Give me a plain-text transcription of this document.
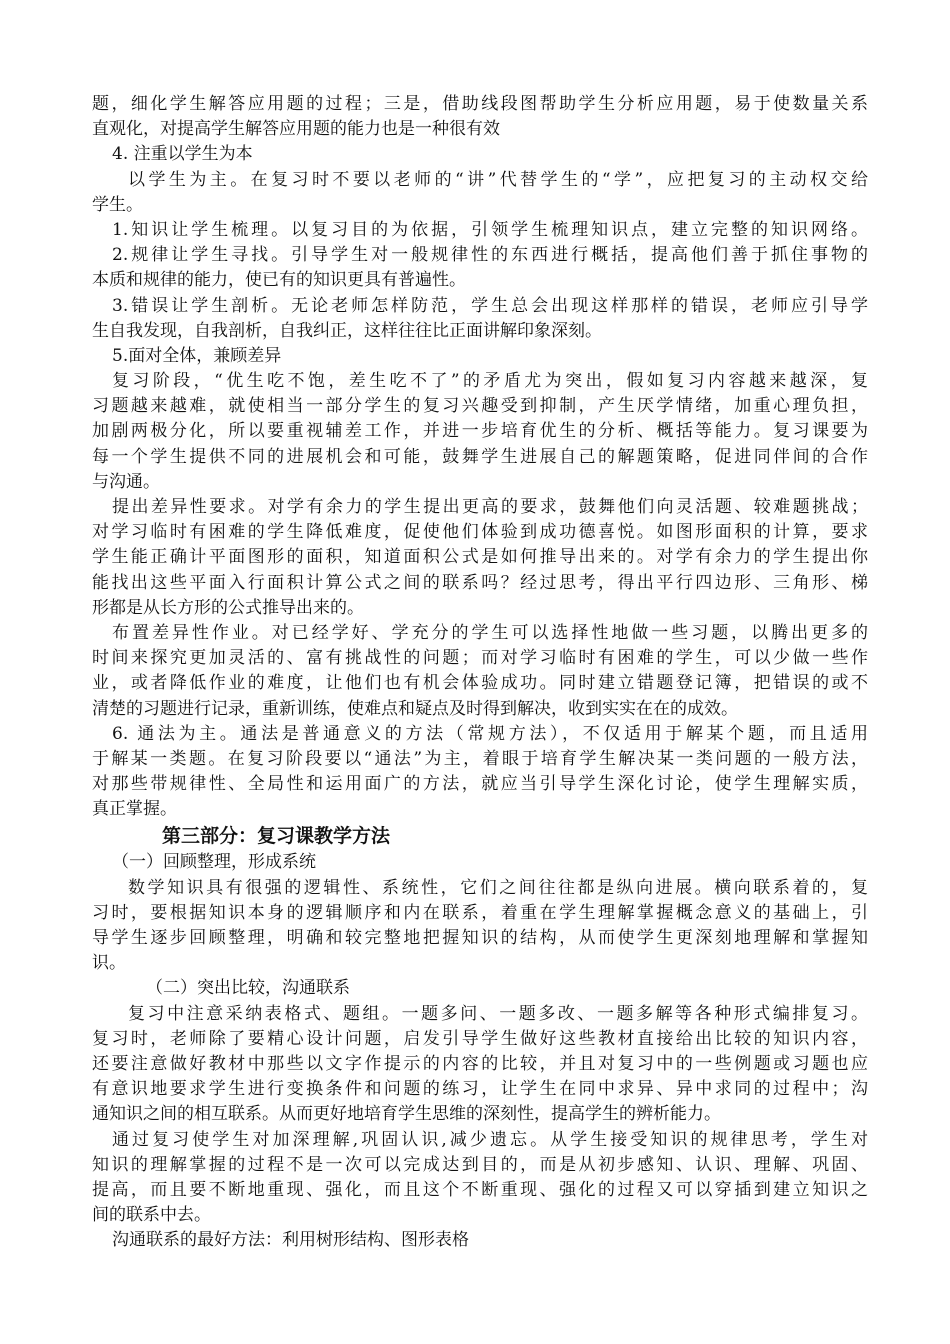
题，细化学生解答应用题的过程；三是，借助线段图帮助学生分析应用题，易于使数量关系
直观化，对提高学生解答应用题的能力也是一种很有效
4. 注重以学生为本
以学生为主。在复习时不要以老师的“讲”代替学生的“学”，应把复习的主动权交给
学生。
1.知识让学生梳理。以复习目的为依据，引领学生梳理知识点，建立完整的知识网络。
2.规律让学生寻找。引导学生对一般规律性的东西进行概括，提高他们善于抓住事物的
本质和规律的能力，使已有的知识更具有普遍性。
3.错误让学生剖析。无论老师怎样防范，学生总会出现这样那样的错误，老师应引导学
生自我发现，自我剖析，自我纠正，这样往往比正面讲解印象深刻。
5.面对全体，兼顾差异
复习阶段，“优生吃不饱，差生吃不了”的矛盾尤为突出，假如复习内容越来越深，复
习题越来越难，就使相当一部分学生的复习兴趣受到抑制，产生厌学情绪，加重心理负担，
加剧两极分化，所以要重视辅差工作，并进一步培育优生的分析、概括等能力。复习课要为
每一个学生提供不同的进展机会和可能，鼓舞学生进展自己的解题策略，促进同伴间的合作
与沟通。
提出差异性要求。对学有余力的学生提出更高的要求，鼓舞他们向灵活题、较难题挑战；
对学习临时有困难的学生降低难度，促使他们体验到成功德喜悦。如图形面积的计算，要求
学生能正确计平面图形的面积，知道面积公式是如何推导出来的。对学有余力的学生提出你
能找出这些平面入行面积计算公式之间的联系吗？经过思考，得出平行四边形、三角形、梯
形都是从长方形的公式推导出来的。
布置差异性作业。对已经学好、学充分的学生可以选择性地做一些习题，以腾出更多的
时间来探究更加灵活的、富有挑战性的问题；而对学习临时有困难的学生，可以少做一些作
业，或者降低作业的难度，让他们也有机会体验成功。同时建立错题登记簿，把错误的或不
清楚的习题进行记录，重新训练，使难点和疑点及时得到解决，收到实实在在的成效。
6. 通法为主。通法是普通意义的方法（常规方法），不仅适用于解某个题，而且适用
于解某一类题。在复习阶段要以“通法”为主，着眼于培育学生解决某一类问题的一般方法，
对那些带规律性、全局性和运用面广的方法，就应当引导学生深化讨论，使学生理解实质，
真正掌握。
第三部分：复习课教学方法
（一）回顾整理，形成系统
数学知识具有很强的逻辑性、系统性，它们之间往往都是纵向进展。横向联系着的，复
习时，要根据知识本身的逻辑顺序和内在联系，着重在学生理解掌握概念意义的基础上，引
导学生逐步回顾整理，明确和较完整地把握知识的结构，从而使学生更深刻地理解和掌握知
识。
（二）突出比较，沟通联系
复习中注意采纳表格式、题组。一题多问、一题多改、一题多解等各种形式编排复习。
复习时，老师除了要精心设计问题，启发引导学生做好这些教材直接给出比较的知识内容，
还要注意做好教材中那些以文字作提示的内容的比较，并且对复习中的一些例题或习题也应
有意识地要求学生进行变换条件和问题的练习，让学生在同中求异、异中求同的过程中；沟
通知识之间的相互联系。从而更好地培育学生思维的深刻性，提高学生的辨析能力。
通过复习使学生对加深理解,巩固认识,减少遗忘。从学生接受知识的规律思考，学生对
知识的理解掌握的过程不是一次可以完成达到目的，而是从初步感知、认识、理解、巩固、
提高，而且要不断地重现、强化，而且这个不断重现、强化的过程又可以穿插到建立知识之
间的联系中去。
沟通联系的最好方法：利用树形结构、图形表格
